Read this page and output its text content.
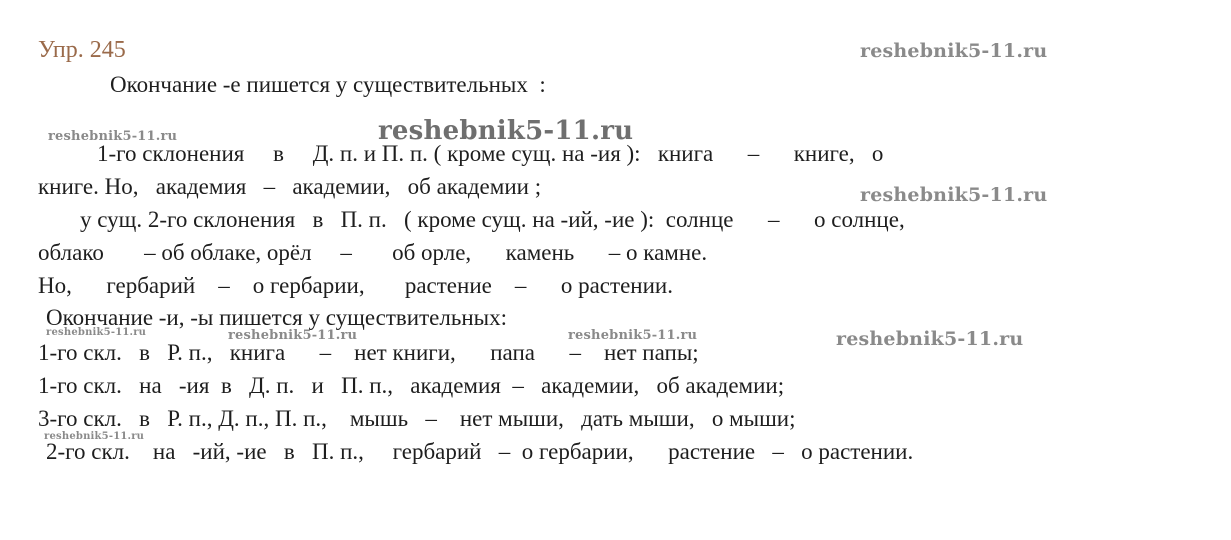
Упр. 245
Окончание -е пишется у существительных  :
1-го склонения     в     Д. п. и П. п. ( кроме сущ. на -ия ):   книга      –      книге,   о
книге. Но,   академия   –   академии,   об академии ;
у сущ. 2-го склонения   в   П. п.   ( кроме сущ. на -ий, -ие ):  солнце      –      о солнце,
облако       – об облаке, орёл     –       об орле,      камень      – о камне.
Но,      гербарий    –    о гербарии,       растение    –      о растении.
Окончание -и, -ы пишется у существительных:
1-го скл.   в   Р. п.,   книга      –    нет книги,      папа      –    нет папы;
1-го скл.   на   -ия  в   Д. п.   и   П. п.,   академия  –   академии,   об академии;
3-го скл.   в   Р. п., Д. п., П. п.,    мышь   –    нет мыши,   дать мыши,   о мыши;
2-го скл.    на   -ий, -ие   в   П. п.,     гербарий   –  о гербарии,      растение   –   о растении.
reshebnik5-11.ru
reshebnik5-11.ru
reshebnik5-11.ru
reshebnik5-11.ru
reshebnik5-11.ru	reshebnik5-11.ru	reshebnik5-11.ru	reshebnik5-11.ru
reshebnik5-11.ru
